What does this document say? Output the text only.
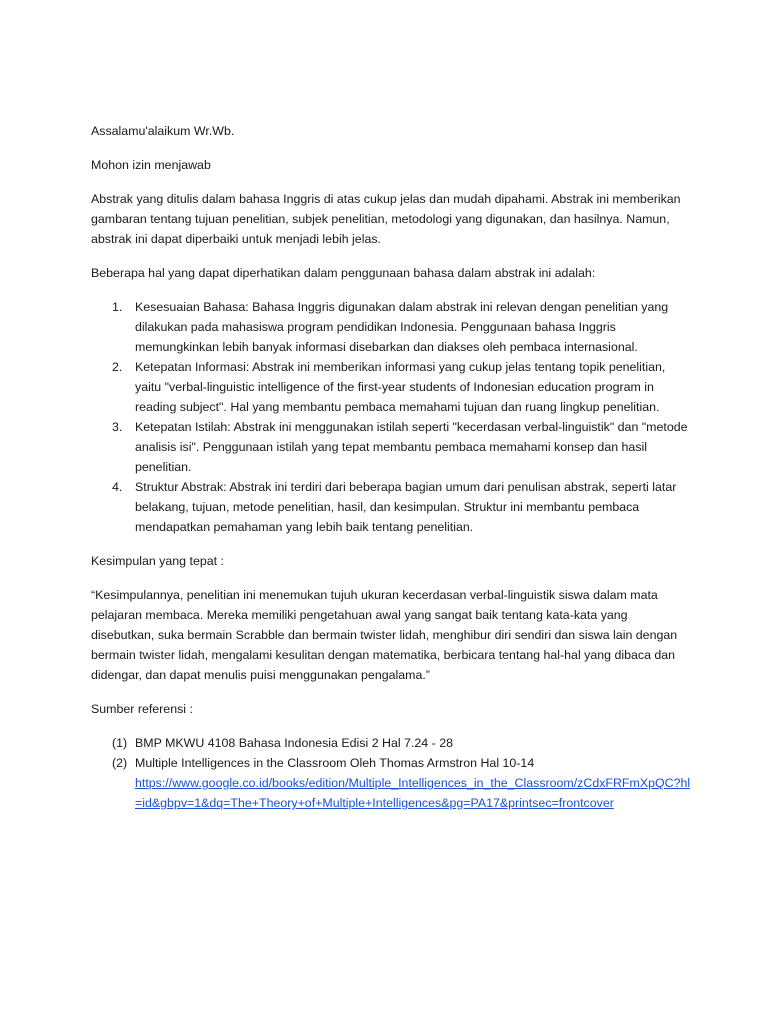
Assalamu'alaikum Wr.Wb.

Mohon izin menjawab

Abstrak yang ditulis dalam bahasa Inggris di atas cukup jelas dan mudah dipahami. Abstrak ini memberikan gambaran tentang tujuan penelitian, subjek penelitian, metodologi yang digunakan, dan hasilnya. Namun, abstrak ini dapat diperbaiki untuk menjadi lebih jelas.

Beberapa hal yang dapat diperhatikan dalam penggunaan bahasa dalam abstrak ini adalah:

1. Kesesuaian Bahasa: Bahasa Inggris digunakan dalam abstrak ini relevan dengan penelitian yang dilakukan pada mahasiswa program pendidikan Indonesia. Penggunaan bahasa Inggris memungkinkan lebih banyak informasi disebarkan dan diakses oleh pembaca internasional.
2. Ketepatan Informasi: Abstrak ini memberikan informasi yang cukup jelas tentang topik penelitian, yaitu "verbal-linguistic intelligence of the first-year students of Indonesian education program in reading subject". Hal yang membantu pembaca memahami tujuan dan ruang lingkup penelitian.
3. Ketepatan Istilah: Abstrak ini menggunakan istilah seperti "kecerdasan verbal-linguistik" dan "metode analisis isi". Penggunaan istilah yang tepat membantu pembaca memahami konsep dan hasil penelitian.
4. Struktur Abstrak: Abstrak ini terdiri dari beberapa bagian umum dari penulisan abstrak, seperti latar belakang, tujuan, metode penelitian, hasil, dan kesimpulan. Struktur ini membantu pembaca mendapatkan pemahaman yang lebih baik tentang penelitian.

Kesimpulan yang tepat :

“Kesimpulannya, penelitian ini menemukan tujuh ukuran kecerdasan verbal-linguistik siswa dalam mata pelajaran membaca. Mereka memiliki pengetahuan awal yang sangat baik tentang kata-kata yang disebutkan, suka bermain Scrabble dan bermain twister lidah, menghibur diri sendiri dan siswa lain dengan bermain twister lidah, mengalami kesulitan dengan matematika, berbicara tentang hal-hal yang dibaca dan didengar, dan dapat menulis puisi menggunakan pengalama.”

Sumber referensi :

(1) BMP MKWU 4108 Bahasa Indonesia Edisi 2 Hal 7.24 - 28
(2) Multiple Intelligences in the Classroom Oleh Thomas Armstron Hal 10-14
https://www.google.co.id/books/edition/Multiple_Intelligences_in_the_Classroom/zCdxFRFmXpQC?hl=id&gbpv=1&dq=The+Theory+of+Multiple+Intelligences&pg=PA17&printsec=frontcover
